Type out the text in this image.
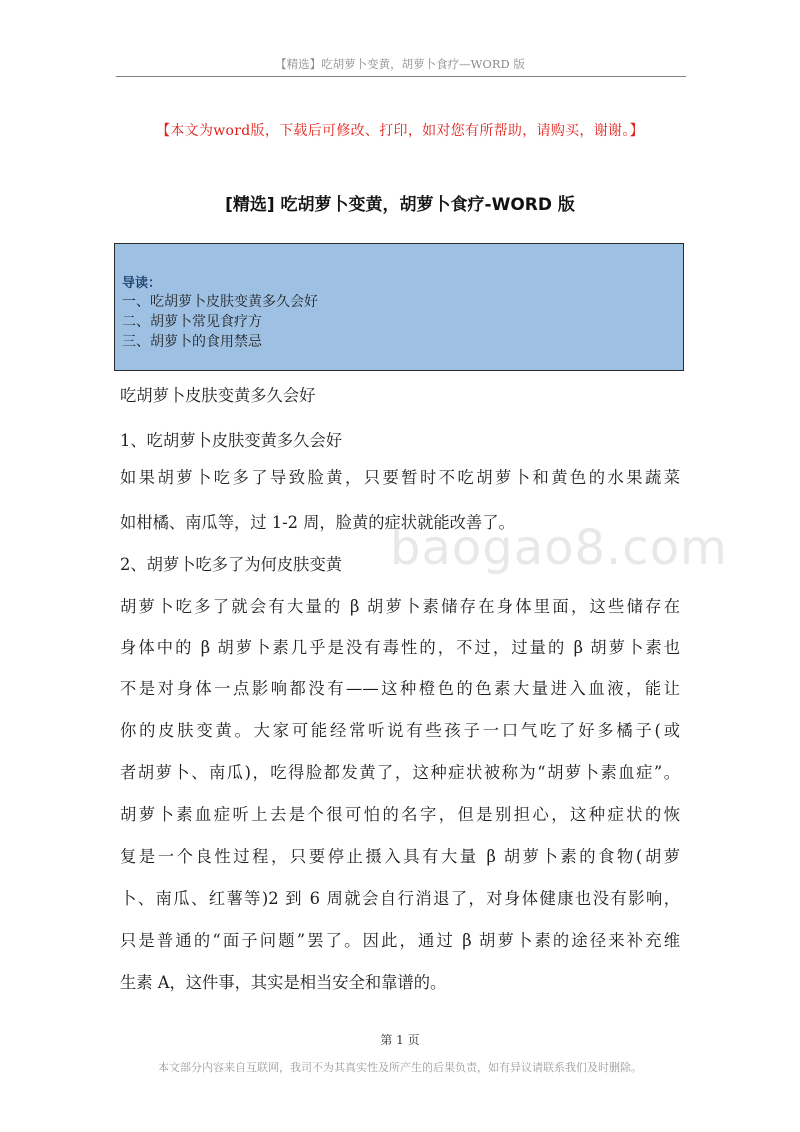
【精选】吃胡萝卜变黄，胡萝卜食疗—WORD 版
【本文为word版，下载后可修改、打印，如对您有所帮助，请购买，谢谢。】
[精选] 吃胡萝卜变黄，胡萝卜食疗-WORD 版
导读：
一、吃胡萝卜皮肤变黄多久会好
二、胡萝卜常见食疗方
三、胡萝卜的食用禁忌
吃胡萝卜皮肤变黄多久会好
1、吃胡萝卜皮肤变黄多久会好
如果胡萝卜吃多了导致脸黄，只要暂时不吃胡萝卜和黄色的水果蔬菜
如柑橘、南瓜等，过 1-2 周，脸黄的症状就能改善了。
2、胡萝卜吃多了为何皮肤变黄
胡萝卜吃多了就会有大量的 β 胡萝卜素储存在身体里面，这些储存在
身体中的 β 胡萝卜素几乎是没有毒性的，不过，过量的 β 胡萝卜素也
不是对身体一点影响都没有——这种橙色的色素大量进入血液，能让
你的皮肤变黄。大家可能经常听说有些孩子一口气吃了好多橘子(或
者胡萝卜、南瓜)，吃得脸都发黄了，这种症状被称为“胡萝卜素血症”。
胡萝卜素血症听上去是个很可怕的名字，但是别担心，这种症状的恢
复是一个良性过程，只要停止摄入具有大量 β 胡萝卜素的食物(胡萝
卜、南瓜、红薯等)2 到 6 周就会自行消退了，对身体健康也没有影响，
只是普通的“面子问题”罢了。因此，通过 β 胡萝卜素的途径来补充维
生素 A，这件事，其实是相当安全和靠谱的。
baogao8.com
第 1 页
本文部分内容来自互联网，我司不为其真实性及所产生的后果负责，如有异议请联系我们及时删除。
